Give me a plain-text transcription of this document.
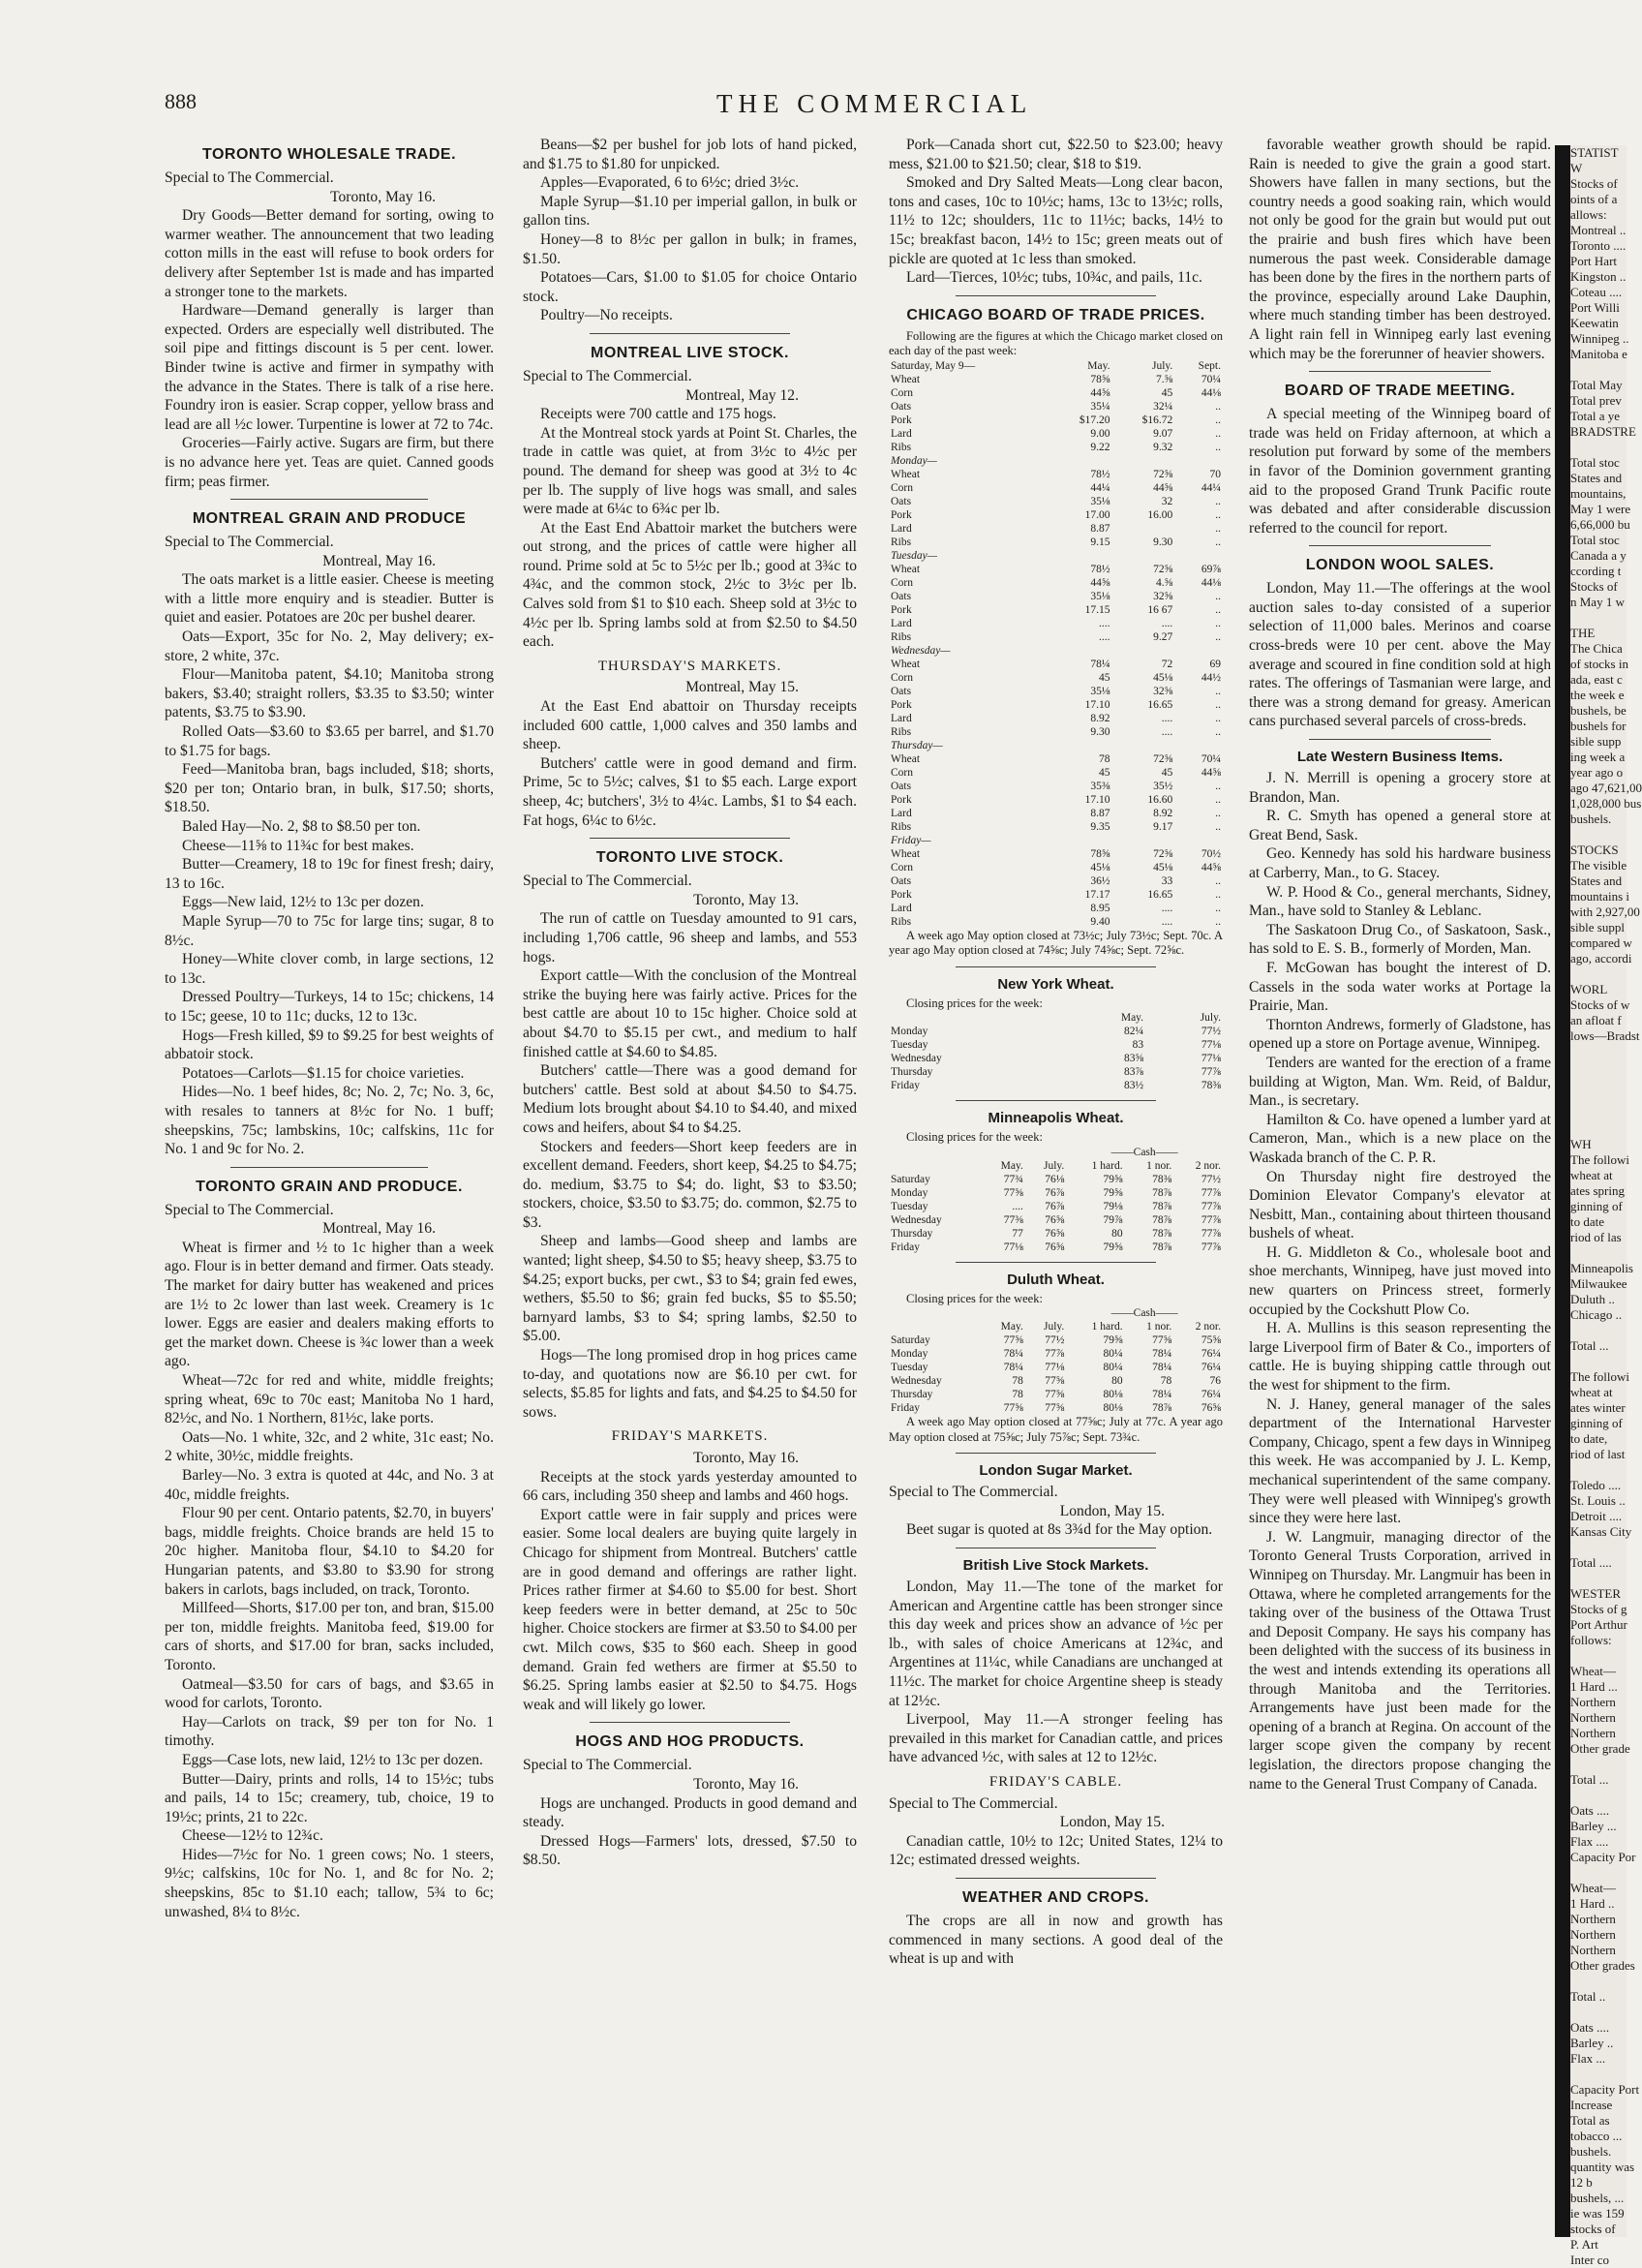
888	THE COMMERCIAL
TORONTO WHOLESALE TRADE.

Special to The Commercial.

Toronto, May 16.

Dry Goods—Better demand for sorting, owing to warmer weather. The announcement that two leading cotton mills in the east will refuse to book orders for delivery after September 1st is made and has imparted a stronger tone to the markets.

Hardware—Demand generally is larger than expected. Orders are especially well distributed. The soil pipe and fittings discount is 5 per cent. lower. Binder twine is active and firmer in sympathy with the advance in the States. There is talk of a rise here. Foundry iron is easier. Scrap copper, yellow brass and lead are all ½c lower. Turpentine is lower at 72 to 74c.

Groceries—Fairly active. Sugars are firm, but there is no advance here yet. Teas are quiet. Canned goods firm; peas firmer.

MONTREAL GRAIN AND PRODUCE

Special to The Commercial.

Montreal, May 16.

The oats market is a little easier. Cheese is meeting with a little more enquiry and is steadier. Butter is quiet and easier. Potatoes are 20c per bushel dearer.

Oats—Export, 35c for No. 2, May delivery; ex-store, 2 white, 37c.

Flour—Manitoba patent, $4.10; Manitoba strong bakers, $3.40; straight rollers, $3.35 to $3.50; winter patents, $3.75 to $3.90.

Rolled Oats—$3.60 to $3.65 per barrel, and $1.70 to $1.75 for bags.

Feed—Manitoba bran, bags included, $18; shorts, $20 per ton; Ontario bran, in bulk, $17.50; shorts, $18.50.

Baled Hay—No. 2, $8 to $8.50 per ton.

Cheese—11⅝ to 11¾c for best makes.

Butter—Creamery, 18 to 19c for finest fresh; dairy, 13 to 16c.

Eggs—New laid, 12½ to 13c per dozen.

Maple Syrup—70 to 75c for large tins; sugar, 8 to 8½c.

Honey—White clover comb, in large sections, 12 to 13c.

Dressed Poultry—Turkeys, 14 to 15c; chickens, 14 to 15c; geese, 10 to 11c; ducks, 12 to 13c.

Hogs—Fresh killed, $9 to $9.25 for best weights of abbatoir stock.

Potatoes—Carlots—$1.15 for choice varieties.

Hides—No. 1 beef hides, 8c; No. 2, 7c; No. 3, 6c, with resales to tanners at 8½c for No. 1 buff; sheepskins, 75c; lambskins, 10c; calfskins, 11c for No. 1 and 9c for No. 2.

TORONTO GRAIN AND PRODUCE.

Special to The Commercial.

Montreal, May 16.

Wheat is firmer and ½ to 1c higher than a week ago. Flour is in better demand and firmer. Oats steady. The market for dairy butter has weakened and prices are 1½ to 2c lower than last week. Creamery is 1c lower. Eggs are easier and dealers making efforts to get the market down. Cheese is ¾c lower than a week ago.

Wheat—72c for red and white, middle freights; spring wheat, 69c to 70c east; Manitoba No 1 hard, 82½c, and No. 1 Northern, 81½c, lake ports.

Oats—No. 1 white, 32c, and 2 white, 31c east; No. 2 white, 30½c, middle freights.

Barley—No. 3 extra is quoted at 44c, and No. 3 at 40c, middle freights.

Flour 90 per cent. Ontario patents, $2.70, in buyers' bags, middle freights. Choice brands are held 15 to 20c higher. Manitoba flour, $4.10 to $4.20 for Hungarian patents, and $3.80 to $3.90 for strong bakers in carlots, bags included, on track, Toronto.

Millfeed—Shorts, $17.00 per ton, and bran, $15.00 per ton, middle freights. Manitoba feed, $19.00 for cars of shorts, and $17.00 for bran, sacks included, Toronto.

Oatmeal—$3.50 for cars of bags, and $3.65 in wood for carlots, Toronto.

Hay—Carlots on track, $9 per ton for No. 1 timothy.

Eggs—Case lots, new laid, 12½ to 13c per dozen.

Butter—Dairy, prints and rolls, 14 to 15½c; tubs and pails, 14 to 15c; creamery, tub, choice, 19 to 19½c; prints, 21 to 22c.

Cheese—12½ to 12¾c.

Hides—7½c for No. 1 green cows; No. 1 steers, 9½c; calfskins, 10c for No. 1, and 8c for No. 2; sheepskins, 85c to $1.10 each; tallow, 5¾ to 6c; unwashed, 8¼ to 8½c.

Beans—$2 per bushel for job lots of hand picked, and $1.75 to $1.80 for unpicked.

Apples—Evaporated, 6 to 6½c; dried 3½c.

Maple Syrup—$1.10 per imperial gallon, in bulk or gallon tins.

Honey—8 to 8½c per gallon in bulk; in frames, $1.50.

Potatoes—Cars, $1.00 to $1.05 for choice Ontario stock.

Poultry—No receipts.

MONTREAL LIVE STOCK.

Special to The Commercial.

Montreal, May 12.

Receipts were 700 cattle and 175 hogs.

At the Montreal stock yards at Point St. Charles, the trade in cattle was quiet, at from 3½c to 4½c per pound. The demand for sheep was good at 3½ to 4c per lb. The supply of live hogs was small, and sales were made at 6¼c to 6¾c per lb.

At the East End Abattoir market the butchers were out strong, and the prices of cattle were higher all round. Prime sold at 5c to 5½c per lb.; good at 3¾c to 4¾c, and the common stock, 2½c to 3½c per lb. Calves sold from $1 to $10 each. Sheep sold at 3½c to 4½c per lb. Spring lambs sold at from $2.50 to $4.50 each.

THURSDAY'S MARKETS.

Montreal, May 15.

At the East End abattoir on Thursday receipts included 600 cattle, 1,000 calves and 350 lambs and sheep.

Butchers' cattle were in good demand and firm. Prime, 5c to 5½c; calves, $1 to $5 each. Large export sheep, 4c; butchers', 3½ to 4¼c. Lambs, $1 to $4 each. Fat hogs, 6¼c to 6½c.

TORONTO LIVE STOCK.

Special to The Commercial.

Toronto, May 13.

The run of cattle on Tuesday amounted to 91 cars, including 1,706 cattle, 96 sheep and lambs, and 553 hogs.

Export cattle—With the conclusion of the Montreal strike the buying here was fairly active. Prices for the best cattle are about 10 to 15c higher. Choice sold at about $4.70 to $5.15 per cwt., and medium to half finished cattle at $4.60 to $4.85.

Butchers' cattle—There was a good demand for butchers' cattle. Best sold at about $4.50 to $4.75. Medium lots brought about $4.10 to $4.40, and mixed cows and heifers, about $4 to $4.25.

Stockers and feeders—Short keep feeders are in excellent demand. Feeders, short keep, $4.25 to $4.75; do. medium, $3.75 to $4; do. light, $3 to $3.50; stockers, choice, $3.50 to $3.75; do. common, $2.75 to $3.

Sheep and lambs—Good sheep and lambs are wanted; light sheep, $4.50 to $5; heavy sheep, $3.75 to $4.25; export bucks, per cwt., $3 to $4; grain fed ewes, wethers, $5.50 to $6; grain fed bucks, $5 to $5.50; barnyard lambs, $3 to $4; spring lambs, $2.50 to $5.00.

Hogs—The long promised drop in hog prices came to-day, and quotations now are $6.10 per cwt. for selects, $5.85 for lights and fats, and $4.25 to $4.50 for sows.

FRIDAY'S MARKETS.

Toronto, May 16.

Receipts at the stock yards yesterday amounted to 66 cars, including 350 sheep and lambs and 460 hogs.

Export cattle were in fair supply and prices were easier. Some local dealers are buying quite largely in Chicago for shipment from Montreal. Butchers' cattle are in good demand and offerings are rather light. Prices rather firmer at $4.60 to $5.00 for best. Short keep feeders were in better demand, at 25c to 50c higher. Choice stockers are firmer at $3.50 to $4.00 per cwt. Milch cows, $35 to $60 each. Sheep in good demand. Grain fed wethers are firmer at $5.50 to $6.25. Spring lambs easier at $2.50 to $4.75. Hogs weak and will likely go lower.

HOGS AND HOG PRODUCTS.

Special to The Commercial.

Toronto, May 16.

Hogs are unchanged. Products in good demand and steady.

Dressed Hogs—Farmers' lots, dressed, $7.50 to $8.50.

Pork—Canada short cut, $22.50 to $23.00; heavy mess, $21.00 to $21.50; clear, $18 to $19.

Smoked and Dry Salted Meats—Long clear bacon, tons and cases, 10c to 10½c; hams, 13c to 13½c; rolls, 11½ to 12c; shoulders, 11c to 11½c; backs, 14½ to 15c; breakfast bacon, 14½ to 15c; green meats out of pickle are quoted at 1c less than smoked.

Lard—Tierces, 10½c; tubs, 10¾c, and pails, 11c.

CHICAGO BOARD OF TRADE PRICES.

Following are the figures at which the Chicago market closed on each day of the past week:

Saturday, May 9—	May.	July.	Sept.
Wheat	78⅝	7.⅝	70¼
Corn	44⅝	45	44⅛
Oats	35¼	32¼	..
Pork	$17.20	$16.72	..
Lard	9.00	9.07	..
Ribs	9.22	9.32	..
Monday—			
Wheat	78½	72⅝	70
Corn	44¼	44⅝	44¼
Oats	35⅛	32	..
Pork	17.00	16.00	..
Lard	8.87		..
Ribs	9.15	9.30	..
Tuesday—			
Wheat	78½	72⅝	69⅞
Corn	44⅝	4.⅝	44⅛
Oats	35⅛	32⅝	..
Pork	17.15	16 67	..
Lard	....	....	..
Ribs	....	9.27	..
Wednesday—			
Wheat	78¼	72	69
Corn	45	45⅛	44½
Oats	35⅛	32⅝	..
Pork	17.10	16.65	..
Lard	8.92	....	..
Ribs	9.30	....	..
Thursday—			
Wheat	78	72⅝	70¼
Corn	45	45	44⅝
Oats	35⅜	35½	..
Pork	17.10	16.60	..
Lard	8.87	8.92	..
Ribs	9.35	9.17	..
Friday—			
Wheat	78⅝	72⅝	70½
Corn	45⅛	45⅛	44⅝
Oats	36½	33	..
Pork	17.17	16.65	..
Lard	8.95	....	..
Ribs	9.40	....	..

A week ago May option closed at 73½c; July 73½c; Sept. 70c. A year ago May option closed at 74⅝c; July 74⅝c; Sept. 72⅝c.

New York Wheat.

Closing prices for the week:

	May.	July.
Monday	82¼	77½
Tuesday	83	77⅛
Wednesday	83⅝	77⅛
Thursday	83⅞	77⅞
Friday	83½	78⅜
Minneapolis Wheat.

Closing prices for the week:

			——Cash——		
	May.	July.	1 hard.	1 nor.	2 nor.
Saturday	77¾	76⅛	79⅝	78⅜	77½
Monday	77⅝	76⅞	79⅝	78⅞	77⅞
Tuesday	....	76⅞	79⅛	78⅞	77⅞
Wednesday	77⅜	76⅝	79⅞	78⅞	77⅞
Thursday	77	76⅝	80	78⅞	77⅞
Friday	77⅛	76⅝	79⅝	78⅞	77⅞
Duluth Wheat.

Closing prices for the week:

			——Cash——		
	May.	July.	1 hard.	1 nor.	2 nor.
Saturday	77⅝	77½	79⅝	77⅝	75⅝
Monday	78¼	77⅞	80¼	78¼	76¼
Tuesday	78¼	77⅛	80¼	78¼	76¼
Wednesday	78	77⅝	80	78	76
Thursday	78	77⅝	80⅛	78¼	76¼
Friday	77⅝	77⅝	80⅛	78⅞	76⅝

A week ago May option closed at 77⅝c; July at 77c. A year ago May option closed at 75⅝c; July 75⅞c; Sept. 73¾c.

London Sugar Market.

Special to The Commercial.

London, May 15.

Beet sugar is quoted at 8s 3¾d for the May option.

British Live Stock Markets.

London, May 11.—The tone of the market for American and Argentine cattle has been stronger since this day week and prices show an advance of ½c per lb., with sales of choice Americans at 12¾c, and Argentines at 11¼c, while Canadians are unchanged at 11½c. The market for choice Argentine sheep is steady at 12½c.

Liverpool, May 11.—A stronger feeling has prevailed in this market for Canadian cattle, and prices have advanced ½c, with sales at 12 to 12½c.

FRIDAY'S CABLE.

Special to The Commercial.

London, May 15.

Canadian cattle, 10½ to 12c; United States, 12¼ to 12c; estimated dressed weights.

WEATHER AND CROPS.

The crops are all in now and growth has commenced in many sections. A good deal of the wheat is up and with

favorable weather growth should be rapid. Rain is needed to give the grain a good start. Showers have fallen in many sections, but the country needs a good soaking rain, which would not only be good for the grain but would put out the prairie and bush fires which have been numerous the past week. Considerable damage has been done by the fires in the northern parts of the province, especially around Lake Dauphin, where much standing timber has been destroyed. A light rain fell in Winnipeg early last evening which may be the forerunner of heavier showers.

BOARD OF TRADE MEETING.

A special meeting of the Winnipeg board of trade was held on Friday afternoon, at which a resolution put forward by some of the members in favor of the Dominion government granting aid to the proposed Grand Trunk Pacific route was debated and after considerable discussion referred to the council for report.

LONDON WOOL SALES.

London, May 11.—The offerings at the wool auction sales to-day consisted of a superior selection of 11,000 bales. Merinos and coarse cross-breds were 10 per cent. above the May average and scoured in fine condition sold at high rates. The offerings of Tasmanian were large, and there was a strong demand for greasy. American cans purchased several parcels of cross-breds.

Late Western Business Items.

J. N. Merrill is opening a grocery store at Brandon, Man.

R. C. Smyth has opened a general store at Great Bend, Sask.

Geo. Kennedy has sold his hardware business at Carberry, Man., to G. Stacey.

W. P. Hood & Co., general merchants, Sidney, Man., have sold to Stanley & Leblanc.

The Saskatoon Drug Co., of Saskatoon, Sask., has sold to E. S. B., formerly of Morden, Man.

F. McGowan has bought the interest of D. Cassels in the soda water works at Portage la Prairie, Man.

Thornton Andrews, formerly of Gladstone, has opened up a store on Portage avenue, Winnipeg.

Tenders are wanted for the erection of a frame building at Wigton, Man. Wm. Reid, of Baldur, Man., is secretary.

Hamilton & Co. have opened a lumber yard at Cameron, Man., which is a new place on the Waskada branch of the C. P. R.

On Thursday night fire destroyed the Dominion Elevator Company's elevator at Nesbitt, Man., containing about thirteen thousand bushels of wheat.

H. G. Middleton & Co., wholesale boot and shoe merchants, Winnipeg, have just moved into new quarters on Princess street, formerly occupied by the Cockshutt Plow Co.

H. A. Mullins is this season representing the large Liverpool firm of Bater & Co., importers of cattle. He is buying shipping cattle through out the west for shipment to the firm.

N. J. Haney, general manager of the sales department of the International Harvester Company, Chicago, spent a few days in Winnipeg this week. He was accompanied by J. L. Kemp, mechanical superintendent of the same company. They were well pleased with Winnipeg's growth since they were here last.

J. W. Langmuir, managing director of the Toronto General Trusts Corporation, arrived in Winnipeg on Thursday. Mr. Langmuir has been in Ottawa, where he completed arrangements for the taking over of the business of the Ottawa Trust and Deposit Company. He says his company has been delighted with the success of its business in the west and intends extending its operations all through Manitoba and the Territories. Arrangements have just been made for the opening of a branch at Regina. On account of the larger scope given the company by recent legislation, the directors propose changing the name to the General Trust Company of Canada.

STATIST
W
Stocks of
oints of a
allows:
Montreal ..
Toronto ....
Port Hart
Kingston ..
Coteau ....
Port Willi
Keewatin
Winnipeg ..
Manitoba e

Total May
Total prev
Total a ye
BRADSTRE

Total stoc
States and
mountains,
May 1 were
6,66,000 bu
Total stoc
Canada a y
ccording t
Stocks of
n May 1 w

THE
The Chica
of stocks in
ada, east c
the week e
bushels, be
bushels for
sible supp
ing week a
year ago o
ago 47,621,00
1,028,000 bus
bushels.

STOCKS
The visible
States and
mountains i
with 2,927,00
sible suppl
compared w
ago, accordi

WORL
Stocks of w
an afloat f
lows—Bradst

WH
The followi
wheat at
ates spring
ginning of
to date
riod of las

Minneapolis
Milwaukee
Duluth ..
Chicago ..

Total ...

The followi
wheat at
ates winter
ginning of
to date,
riod of last

Toledo ....
St. Louis ..
Detroit ....
Kansas City

Total ....

WESTER
Stocks of g
Port Arthur
follows:

Wheat—
1 Hard ...
Northern
Northern
Northern
Other grade

Total ...

Oats ....
Barley ...
Flax ....
Capacity Por

Wheat—
1 Hard ..
Northern
Northern
Northern
Other grades

Total ..

Oats ....
Barley ..
Flax ...

Capacity Port
Increase
Total as
tobacco ...
bushels.
quantity was
12 b
bushels, ...
ie was 159
stocks of
P. Art
Inter co
